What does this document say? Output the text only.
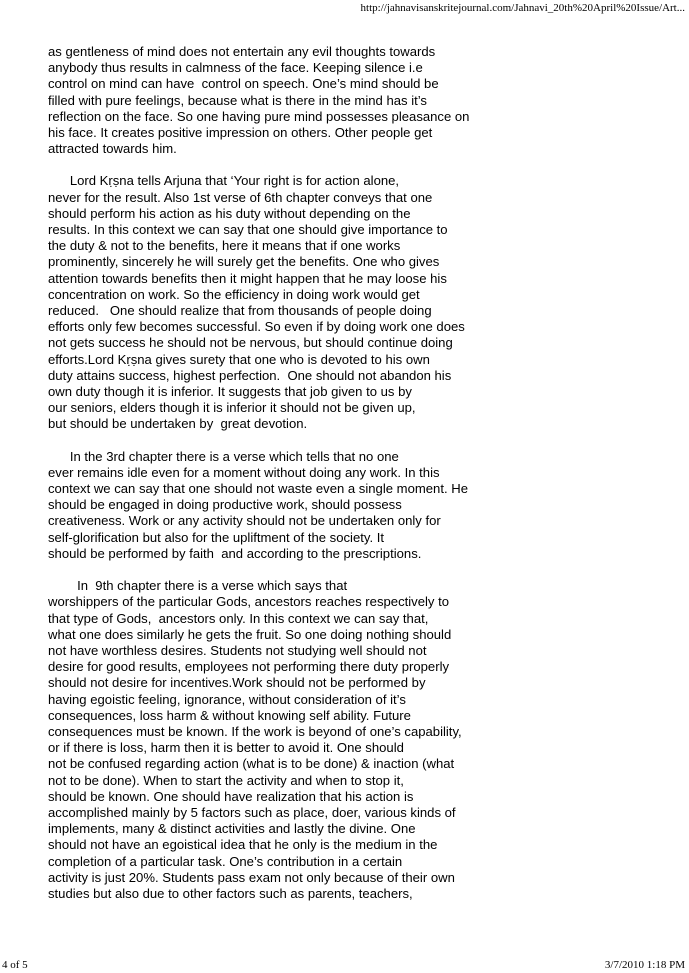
http://jahnavisanskritejournal.com/Jahnavi_20th%20April%20Issue/Art...
as gentleness of mind does not entertain any evil thoughts towards
anybody thus results in calmness of the face. Keeping silence i.e
control on mind can have  control on speech. One’s mind should be
filled with pure feelings, because what is there in the mind has it’s
reflection on the face. So one having pure mind possesses pleasance on
his face. It creates positive impression on others. Other people get
attracted towards him.
Lord Kṛṣna tells Arjuna that ‘Your right is for action alone,
never for the result. Also 1st verse of 6th chapter conveys that one
should perform his action as his duty without depending on the
results. In this context we can say that one should give importance to
the duty & not to the benefits, here it means that if one works
prominently, sincerely he will surely get the benefits. One who gives
attention towards benefits then it might happen that he may loose his
concentration on work. So the efficiency in doing work would get
reduced.   One should realize that from thousands of people doing
efforts only few becomes successful. So even if by doing work one does
not gets success he should not be nervous, but should continue doing
efforts.Lord Kṛṣna gives surety that one who is devoted to his own
duty attains success, highest perfection.  One should not abandon his
own duty though it is inferior. It suggests that job given to us by
our seniors, elders though it is inferior it should not be given up,
but should be undertaken by  great devotion.
In the 3rd chapter there is a verse which tells that no one
ever remains idle even for a moment without doing any work. In this
context we can say that one should not waste even a single moment. He
should be engaged in doing productive work, should possess
creativeness. Work or any activity should not be undertaken only for
self-glorification but also for the upliftment of the society. It
should be performed by faith  and according to the prescriptions.
In  9th chapter there is a verse which says that
worshippers of the particular Gods, ancestors reaches respectively to
that type of Gods,  ancestors only. In this context we can say that,
what one does similarly he gets the fruit. So one doing nothing should
not have worthless desires. Students not studying well should not
desire for good results, employees not performing there duty properly
should not desire for incentives.Work should not be performed by
having egoistic feeling, ignorance, without consideration of it’s
consequences, loss harm & without knowing self ability. Future
consequences must be known. If the work is beyond of one’s capability,
or if there is loss, harm then it is better to avoid it. One should
not be confused regarding action (what is to be done) & inaction (what
not to be done). When to start the activity and when to stop it,
should be known. One should have realization that his action is
accomplished mainly by 5 factors such as place, doer, various kinds of
implements, many & distinct activities and lastly the divine. One
should not have an egoistical idea that he only is the medium in the
completion of a particular task. One’s contribution in a certain
activity is just 20%. Students pass exam not only because of their own
studies but also due to other factors such as parents, teachers,
4 of 5	3/7/2010 1:18 PM
